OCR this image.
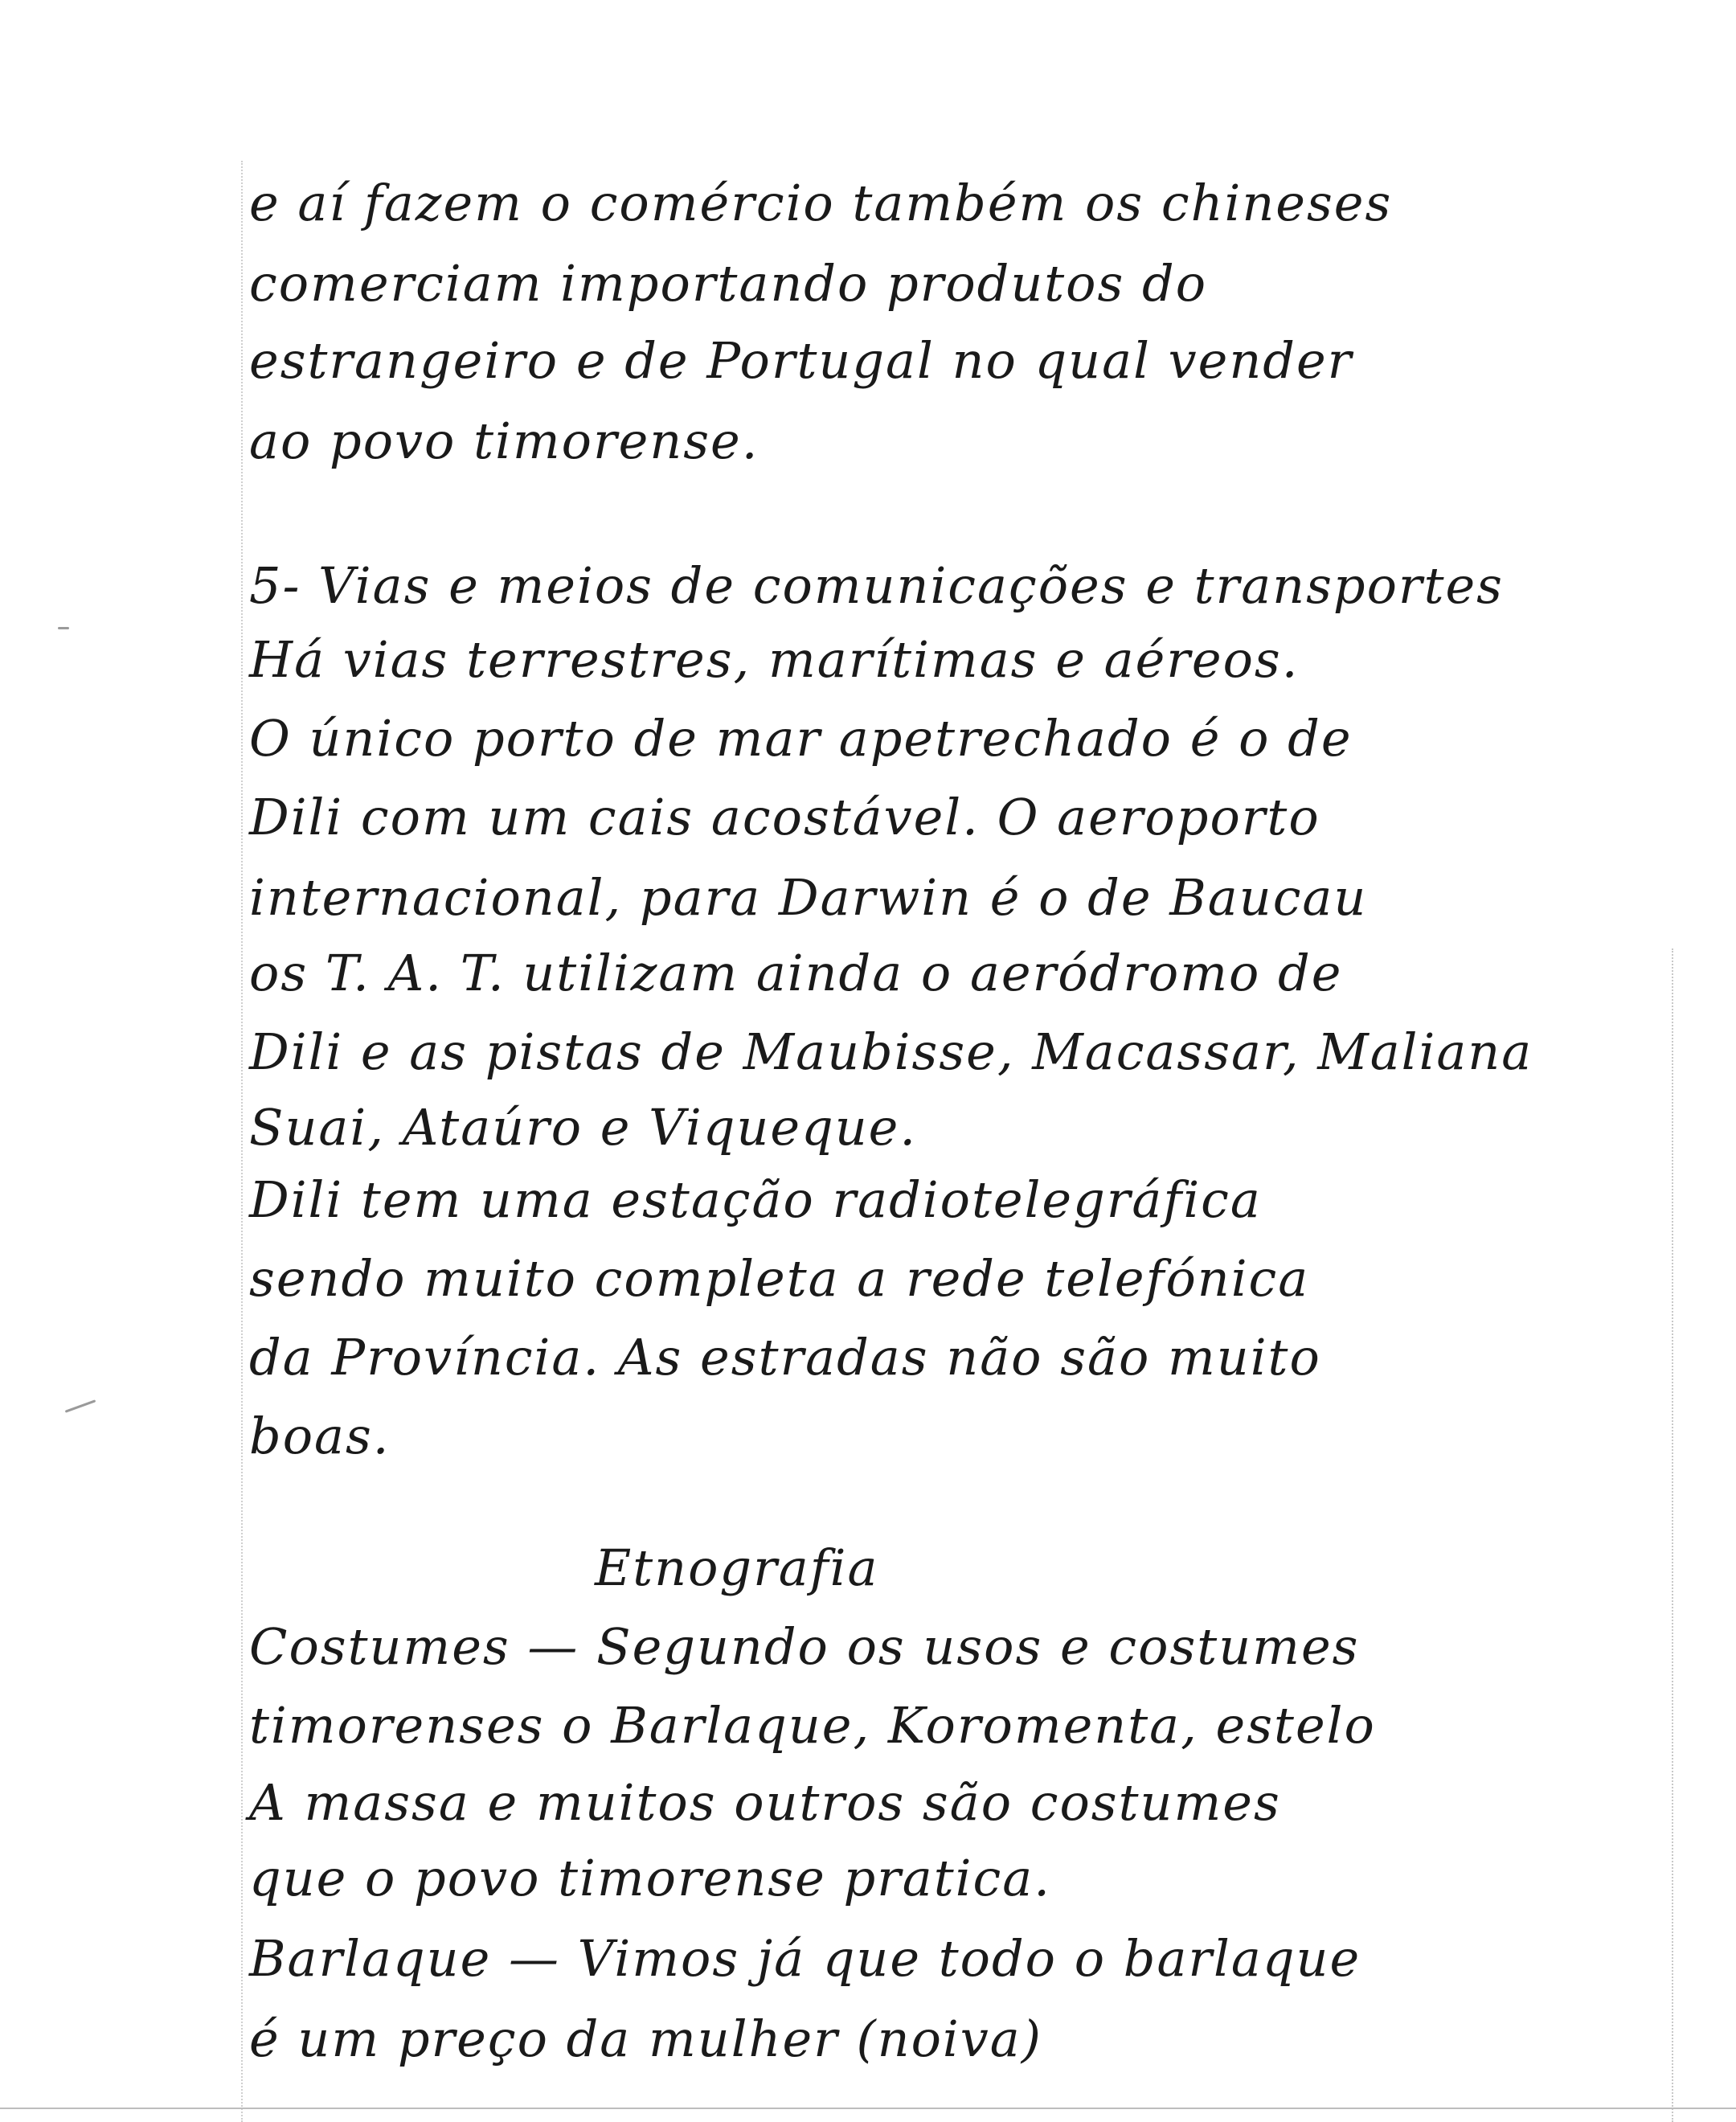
e aí fazem o comércio também os chineses
comerciam importando produtos do
estrangeiro e de Portugal no qual vender
ao povo timorense.
5- Vias e meios de comunicações e transportes
Há vias terrestres, marítimas e aéreos.
O único porto de mar apetrechado é o de
Dili com um cais acostável. O aeroporto
internacional, para Darwin é o de Baucau
os T. A. T. utilizam ainda o aeródromo de
Dili e as pistas de Maubisse, Macassar, Maliana
Suai, Ataúro e Viqueque.
Dili tem uma estação radiotelegráfica
sendo muito completa a rede telefónica
da Província. As estradas não são muito
boas.
Etnografia
Costumes — Segundo os usos e costumes
timorenses o Barlaque, Koromenta, estelo
A massa e muitos outros são costumes
que o povo timorense pratica.
Barlaque — Vimos já que todo o barlaque
é um preço da mulher (noiva)
